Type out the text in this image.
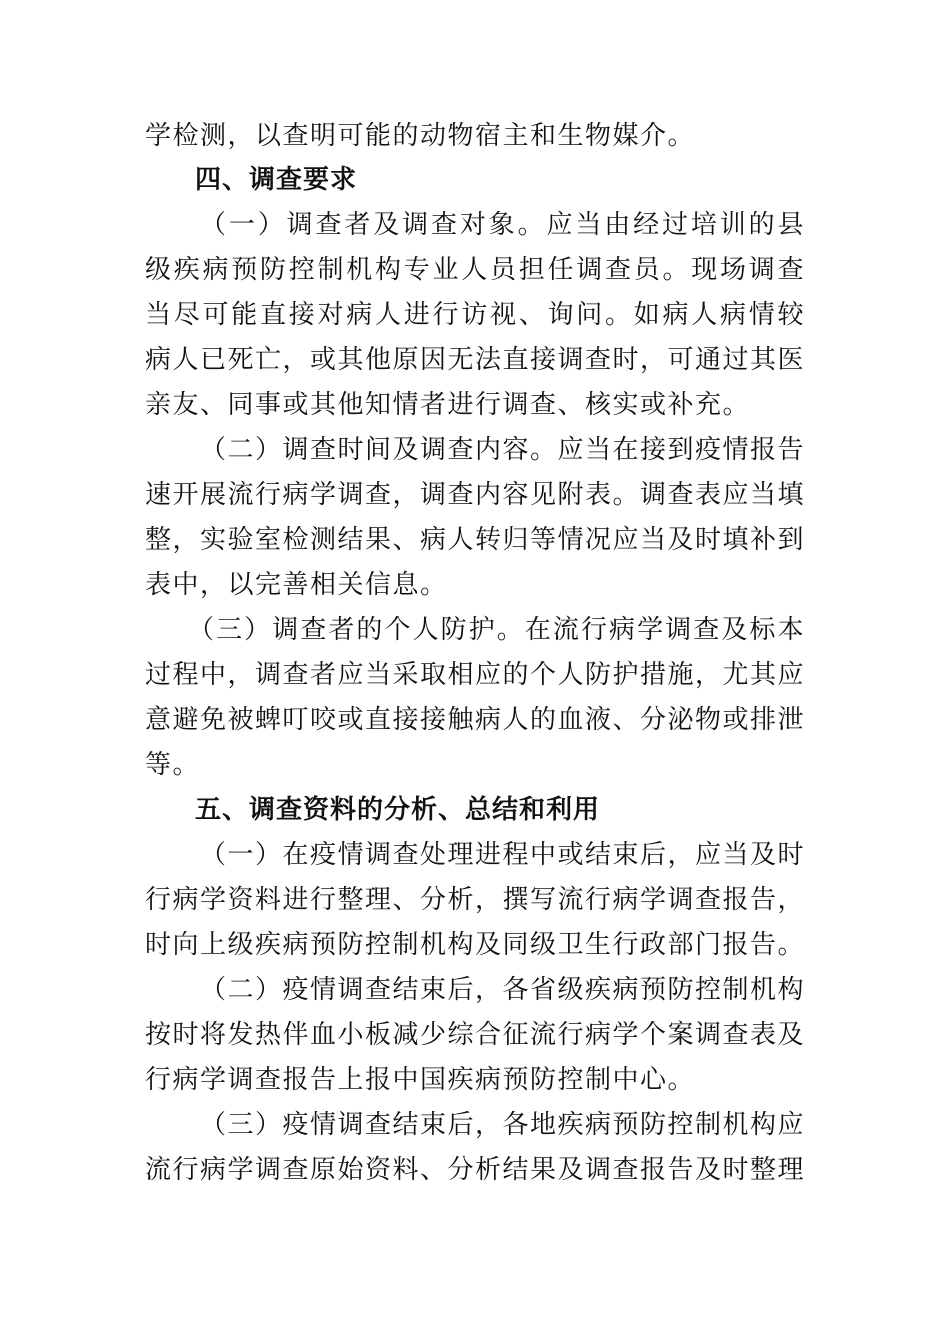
学检测，以查明可能的动物宿主和生物媒介。
四、调查要求
（一）调查者及调查对象。应当由经过培训的县
级疾病预防控制机构专业人员担任调查员。现场调查
当尽可能直接对病人进行访视、询问。如病人病情较
病人已死亡，或其他原因无法直接调查时，可通过其医
亲友、同事或其他知情者进行调查、核实或补充。
（二）调查时间及调查内容。应当在接到疫情报告
速开展流行病学调查，调查内容见附表。调查表应当填
整，实验室检测结果、病人转归等情况应当及时填补到
表中，以完善相关信息。
（三）调查者的个人防护。在流行病学调查及标本
过程中，调查者应当采取相应的个人防护措施，尤其应
意避免被蜱叮咬或直接接触病人的血液、分泌物或排泄
等。
五、调查资料的分析、总结和利用
（一）在疫情调查处理进程中或结束后，应当及时
行病学资料进行整理、分析，撰写流行病学调查报告，
时向上级疾病预防控制机构及同级卫生行政部门报告。
（二）疫情调查结束后，各省级疾病预防控制机构
按时将发热伴血小板减少综合征流行病学个案调查表及
行病学调查报告上报中国疾病预防控制中心。
（三）疫情调查结束后，各地疾病预防控制机构应
流行病学调查原始资料、分析结果及调查报告及时整理
